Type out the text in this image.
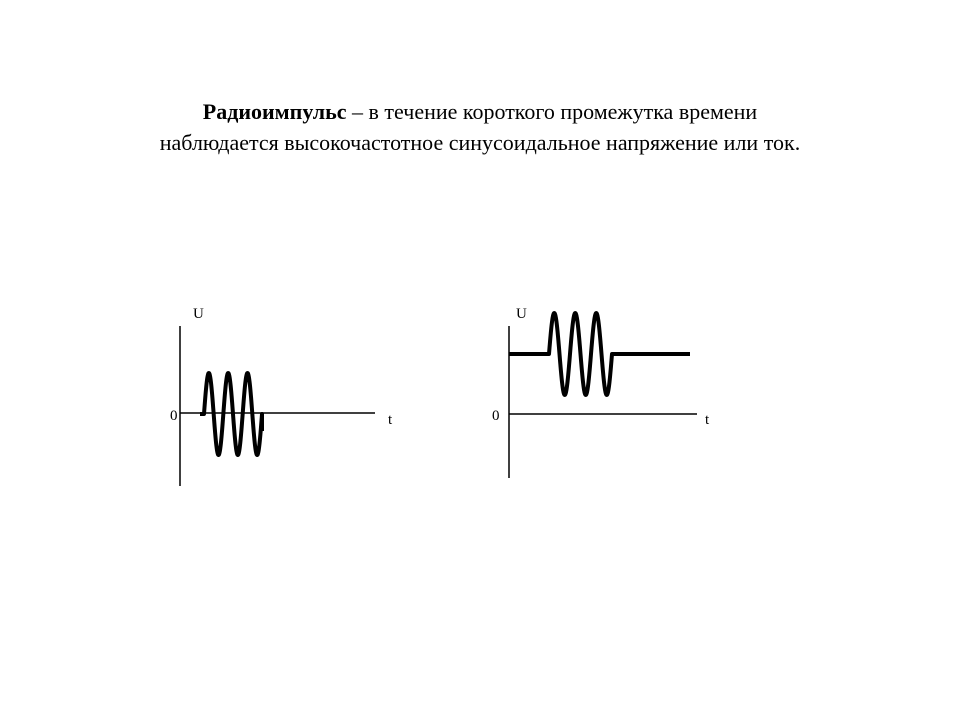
Радиоимпульс – в течение короткого промежутка времени
наблюдается высокочастотное синусоидальное напряжение или ток.
U
0	t
U
0	t
